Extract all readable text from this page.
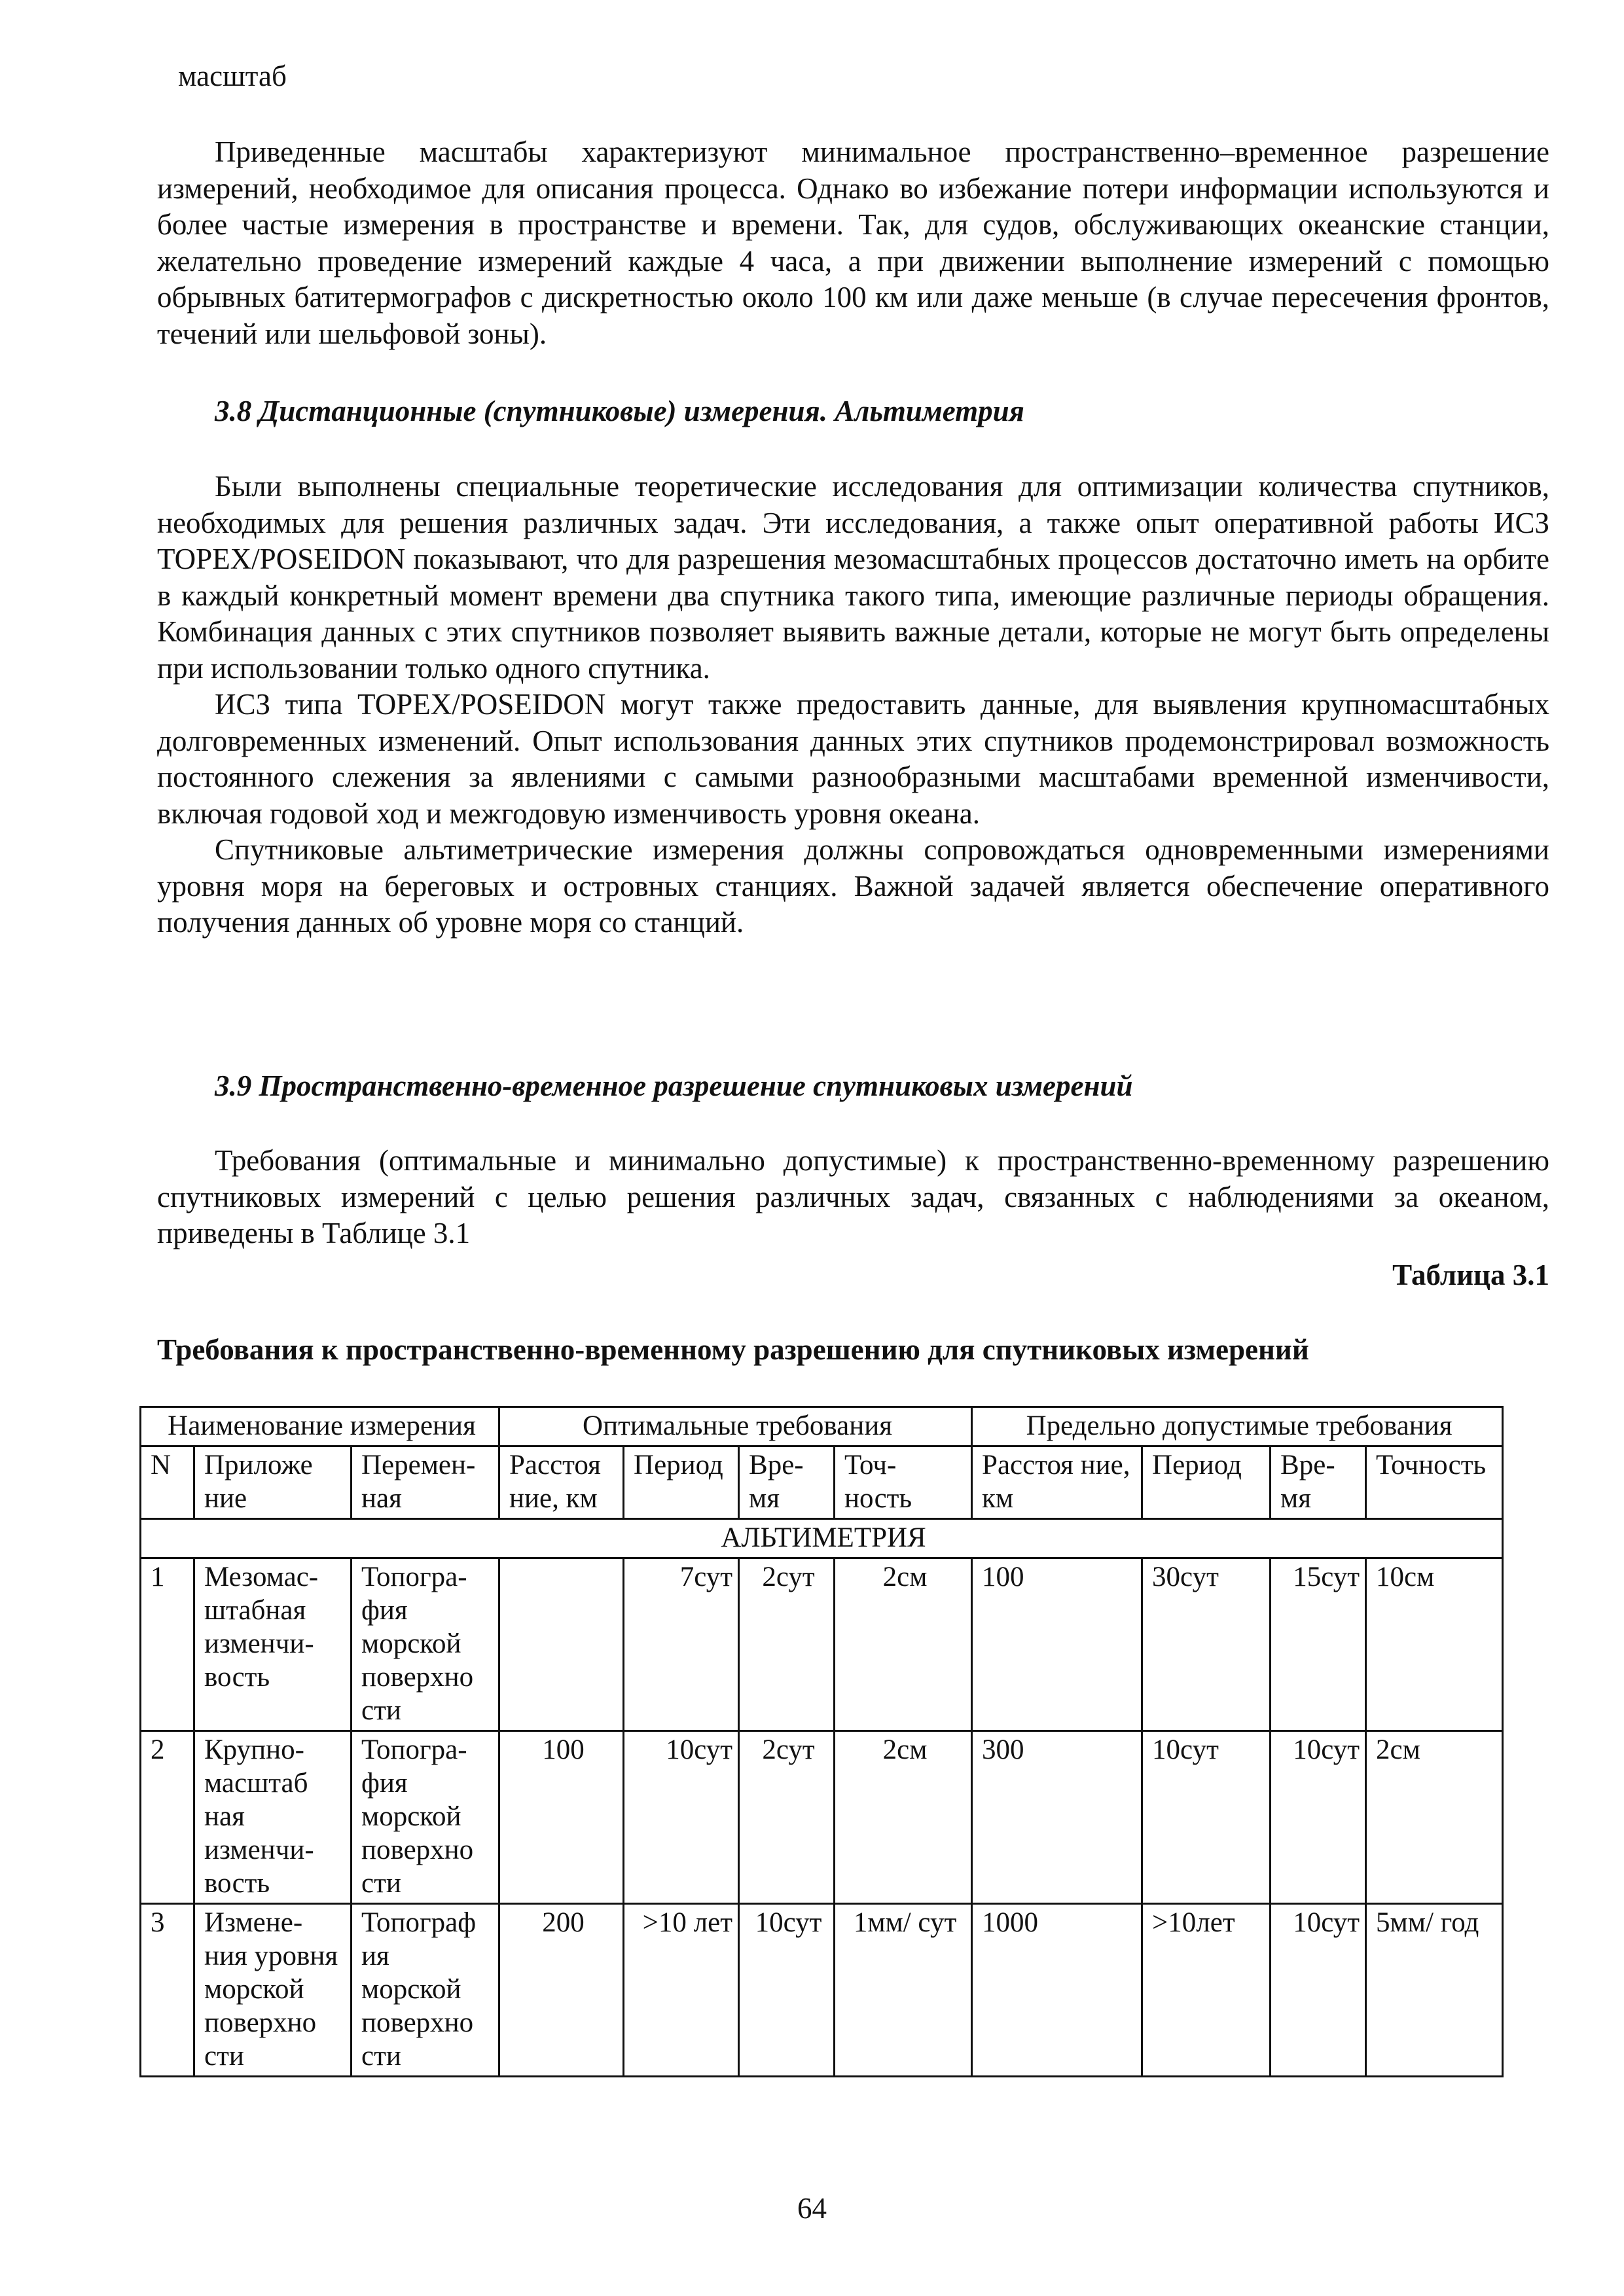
масштаб

Приведенные масштабы характеризуют минимальное пространственно–временное разрешение измерений, необходимое для описания процесса. Однако во избежание потери информации используются и более частые измерения в пространстве и времени. Так, для судов, обслуживающих океанские станции, желательно проведение измерений каждые 4 часа, а при движении выполнение измерений с помощью обрывных батитермографов с дискретностью около 100 км или даже меньше (в случае пересечения фронтов, течений или шельфовой зоны).

3.8 Дистанционные (спутниковые) измерения. Альтиметрия

Были выполнены специальные теоретические исследования для оптимизации количества спутников, необходимых для решения различных задач. Эти исследования, а также опыт оперативной работы ИСЗ TOPEX/POSEIDON показывают, что для разрешения мезомасштабных процессов достаточно иметь на орбите в каждый конкретный момент времени два спутника такого типа, имеющие различные периоды обращения. Комбинация данных с этих спутников позволяет выявить важные детали, которые не могут быть определены при использовании только одного спутника.

ИСЗ типа TOPEX/POSEIDON могут также предоставить данные, для выявления крупномасштабных долговременных изменений. Опыт использования данных этих спутников продемонстрировал возможность постоянного слежения за явлениями с самыми разнообразными масштабами временной изменчивости, включая годовой ход и межгодовую изменчивость уровня океана.

Спутниковые альтиметрические измерения должны сопровождаться одновременными измерениями уровня моря на береговых и островных станциях. Важной задачей является обеспечение оперативного получения данных об уровне моря со станций.

3.9 Пространственно-временное разрешение спутниковых измерений

Требования (оптимальные и минимально допустимые) к пространственно-временному разрешению спутниковых измерений с целью решения различных задач, связанных с наблюдениями за океаном, приведены в Таблице 3.1

Таблица 3.1
Требования к пространственно-временному разрешению для спутниковых измерений
Наименование измерения			Оптимальные требования				Предельно допустимые требования			
N	Приложе ние	Перемен- ная	Расстоя ние, км	Период	Вре- мя	Точ- ность	Расстоя ние, км	Период	Вре- мя	Точность
АЛЬТИМЕТРИЯ										
1	Мезомас- штабная изменчи- вость	Топогра- фия морской поверхно сти		7сут	2сут	2см	100	30сут	15сут	10см
2	Крупно- масштаб ная изменчи- вость	Топогра- фия морской поверхно сти	100	10сут	2сут	2см	300	10сут	10сут	2см
3	Измене- ния уровня морской поверхно сти	Топограф ия морской поверхно сти	200	>10 лет	10сут	1мм/ сут	1000	>10лет	10сут	5мм/ год
64
